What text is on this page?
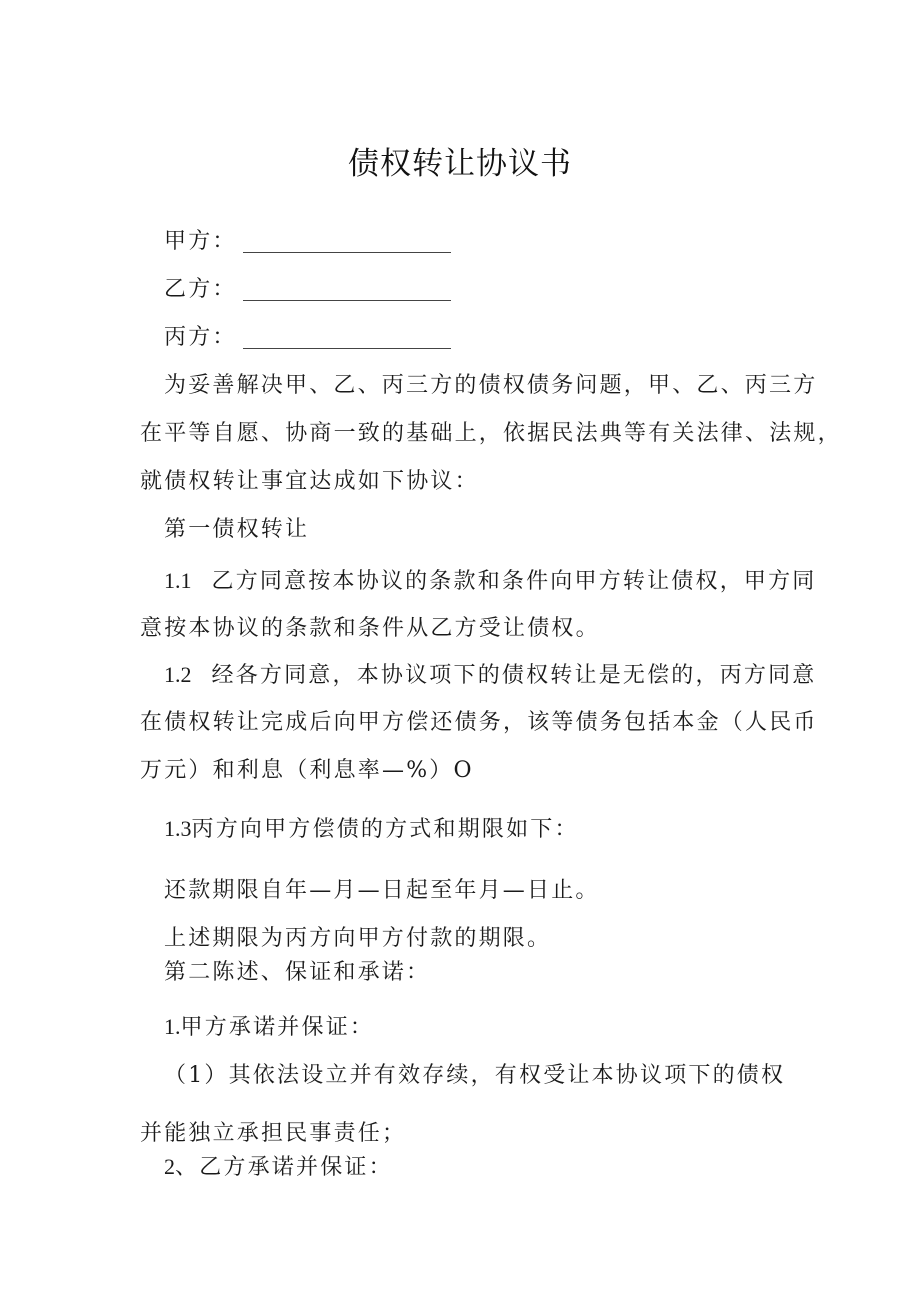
债权转让协议书
甲方：
乙方：
丙方：
为妥善解决甲、乙、丙三方的债权债务问题，甲、乙、丙三方
在平等自愿、协商一致的基础上，依据民法典等有关法律、法规，
就债权转让事宜达成如下协议：
第一债权转让
1.1 乙方同意按本协议的条款和条件向甲方转让债权，甲方同
意按本协议的条款和条件从乙方受让债权。
1.2 经各方同意，本协议项下的债权转让是无偿的，丙方同意
在债权转让完成后向甲方偿还债务，该等债务包括本金（人民币
万元）和利息（利息率—%）O
1.3丙方向甲方偿债的方式和期限如下：
还款期限自年—月—日起至年月—日止。
上述期限为丙方向甲方付款的期限。
第二陈述、保证和承诺：
1.甲方承诺并保证：
（1）其依法设立并有效存续，有权受让本协议项下的债权
并能独立承担民事责任；
2、乙方承诺并保证：
